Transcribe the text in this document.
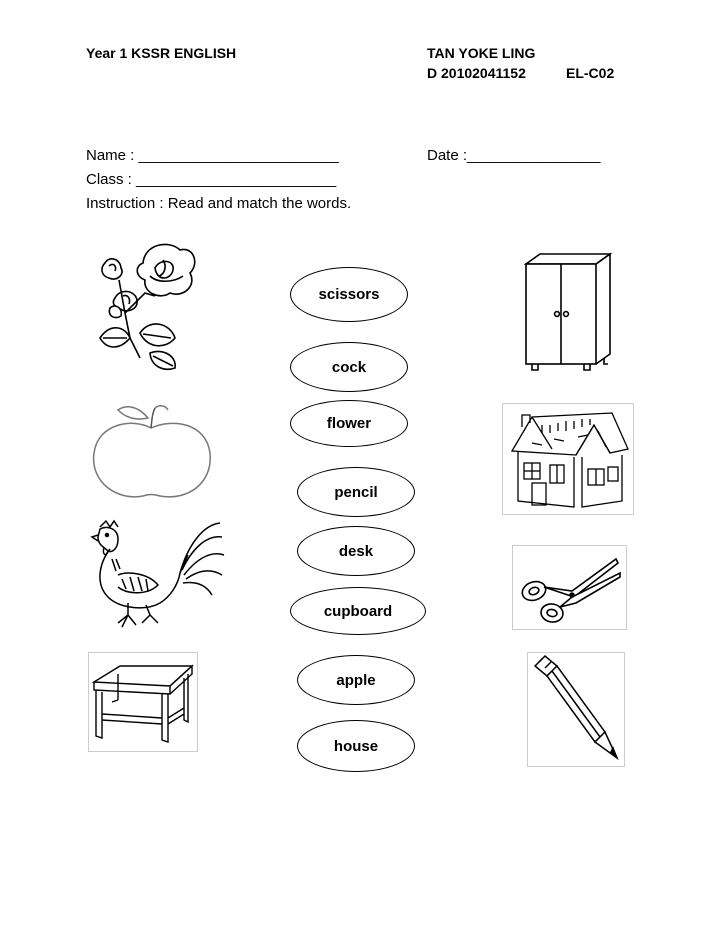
Year 1 KSSR ENGLISH	TAN YOKE LING
D 20102041152	EL-C02
Name : ________________________	Date :________________
Class : ________________________
Instruction : Read and match the words.
scissors
cock
flower
pencil
desk
cupboard
apple
house
